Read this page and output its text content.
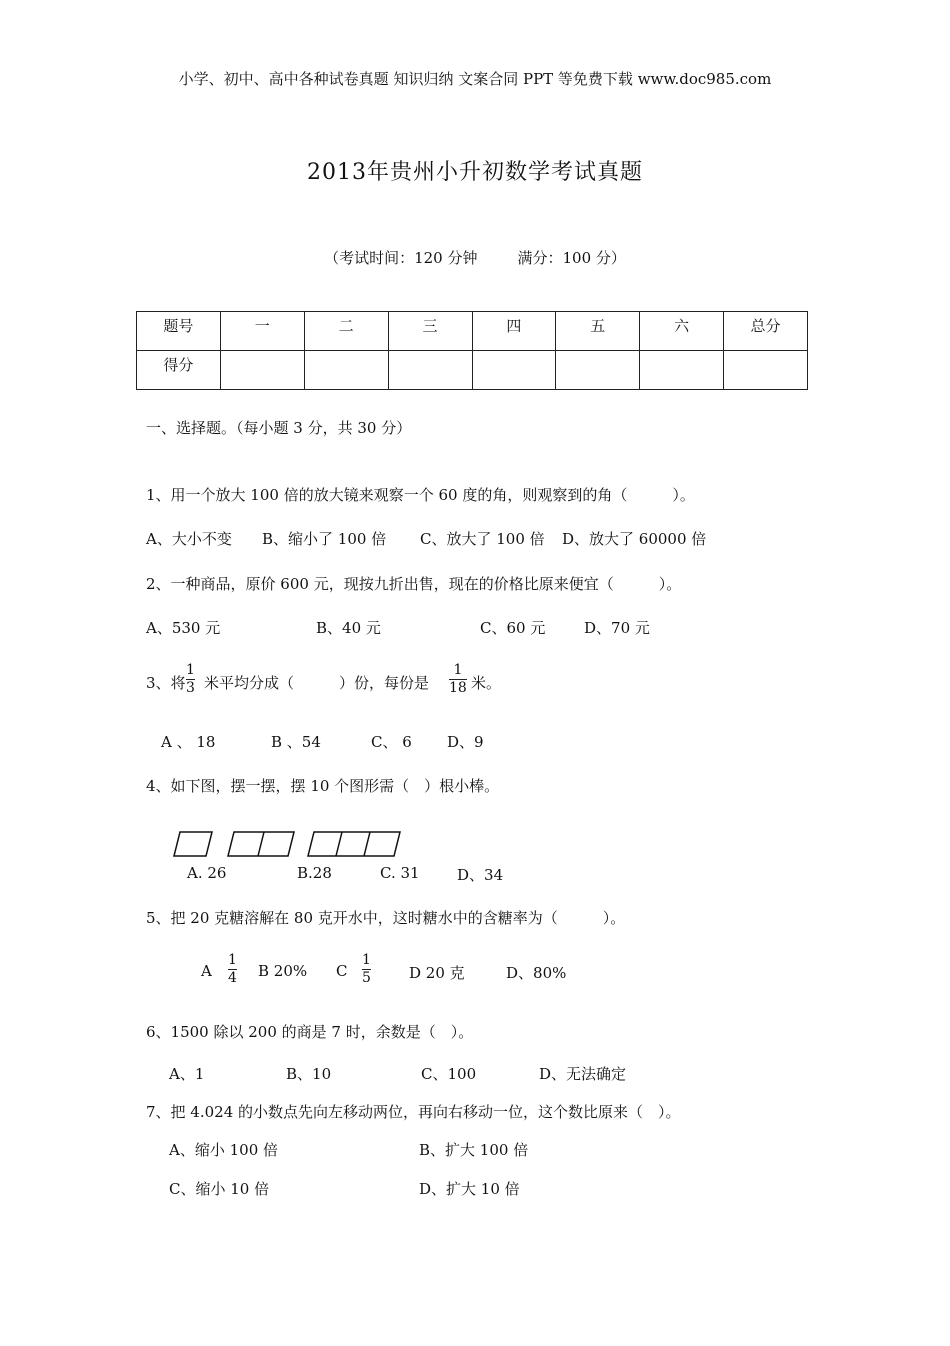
小学、初中、高中各种试卷真题 知识归纳 文案合同 PPT 等免费下载 www.doc985.com
2013年贵州小升初数学考试真题
（考试时间：120 分钟	满分：100 分）
题号	一	二	三	四	五	六	总分
得分							
一、选择题。（每小题 3 分，共 30 分）
1、用一个放大 100 倍的放大镜来观察一个 60 度的角，则观察到的角（　　　）。
A、大小不变 B、缩小了 100 倍 C、放大了 100 倍 D、放大了 60000 倍
2、一种商品，原价 600 元，现按九折出售，现在的价格比原来便宜（　　　）。
A、530 元	B、40 元	C、60 元	D、70 元
3、将
1
3 米平均分成（　　　）份，每份是
1
18 米。
A 、 18	B 、54	C、 6 D、9
4、如下图，摆一摆，摆 10 个图形需（　）根小棒。
A. 26	B.28	C. 31 D、34
5、把 20 克糖溶解在 80 克开水中，这时糖水中的含糖率为（　　　）。
A
1
4 B 20% C
1
5	D 20 克	D、80%
6、1500 除以 200 的商是 7 时，余数是（　）。
A、1	B、10	C、100	D、无法确定
7、把 4.024 的小数点先向左移动两位，再向右移动一位，这个数比原来（　）。
A、缩小 100 倍	B、扩大 100 倍
C、缩小 10 倍	D、扩大 10 倍
